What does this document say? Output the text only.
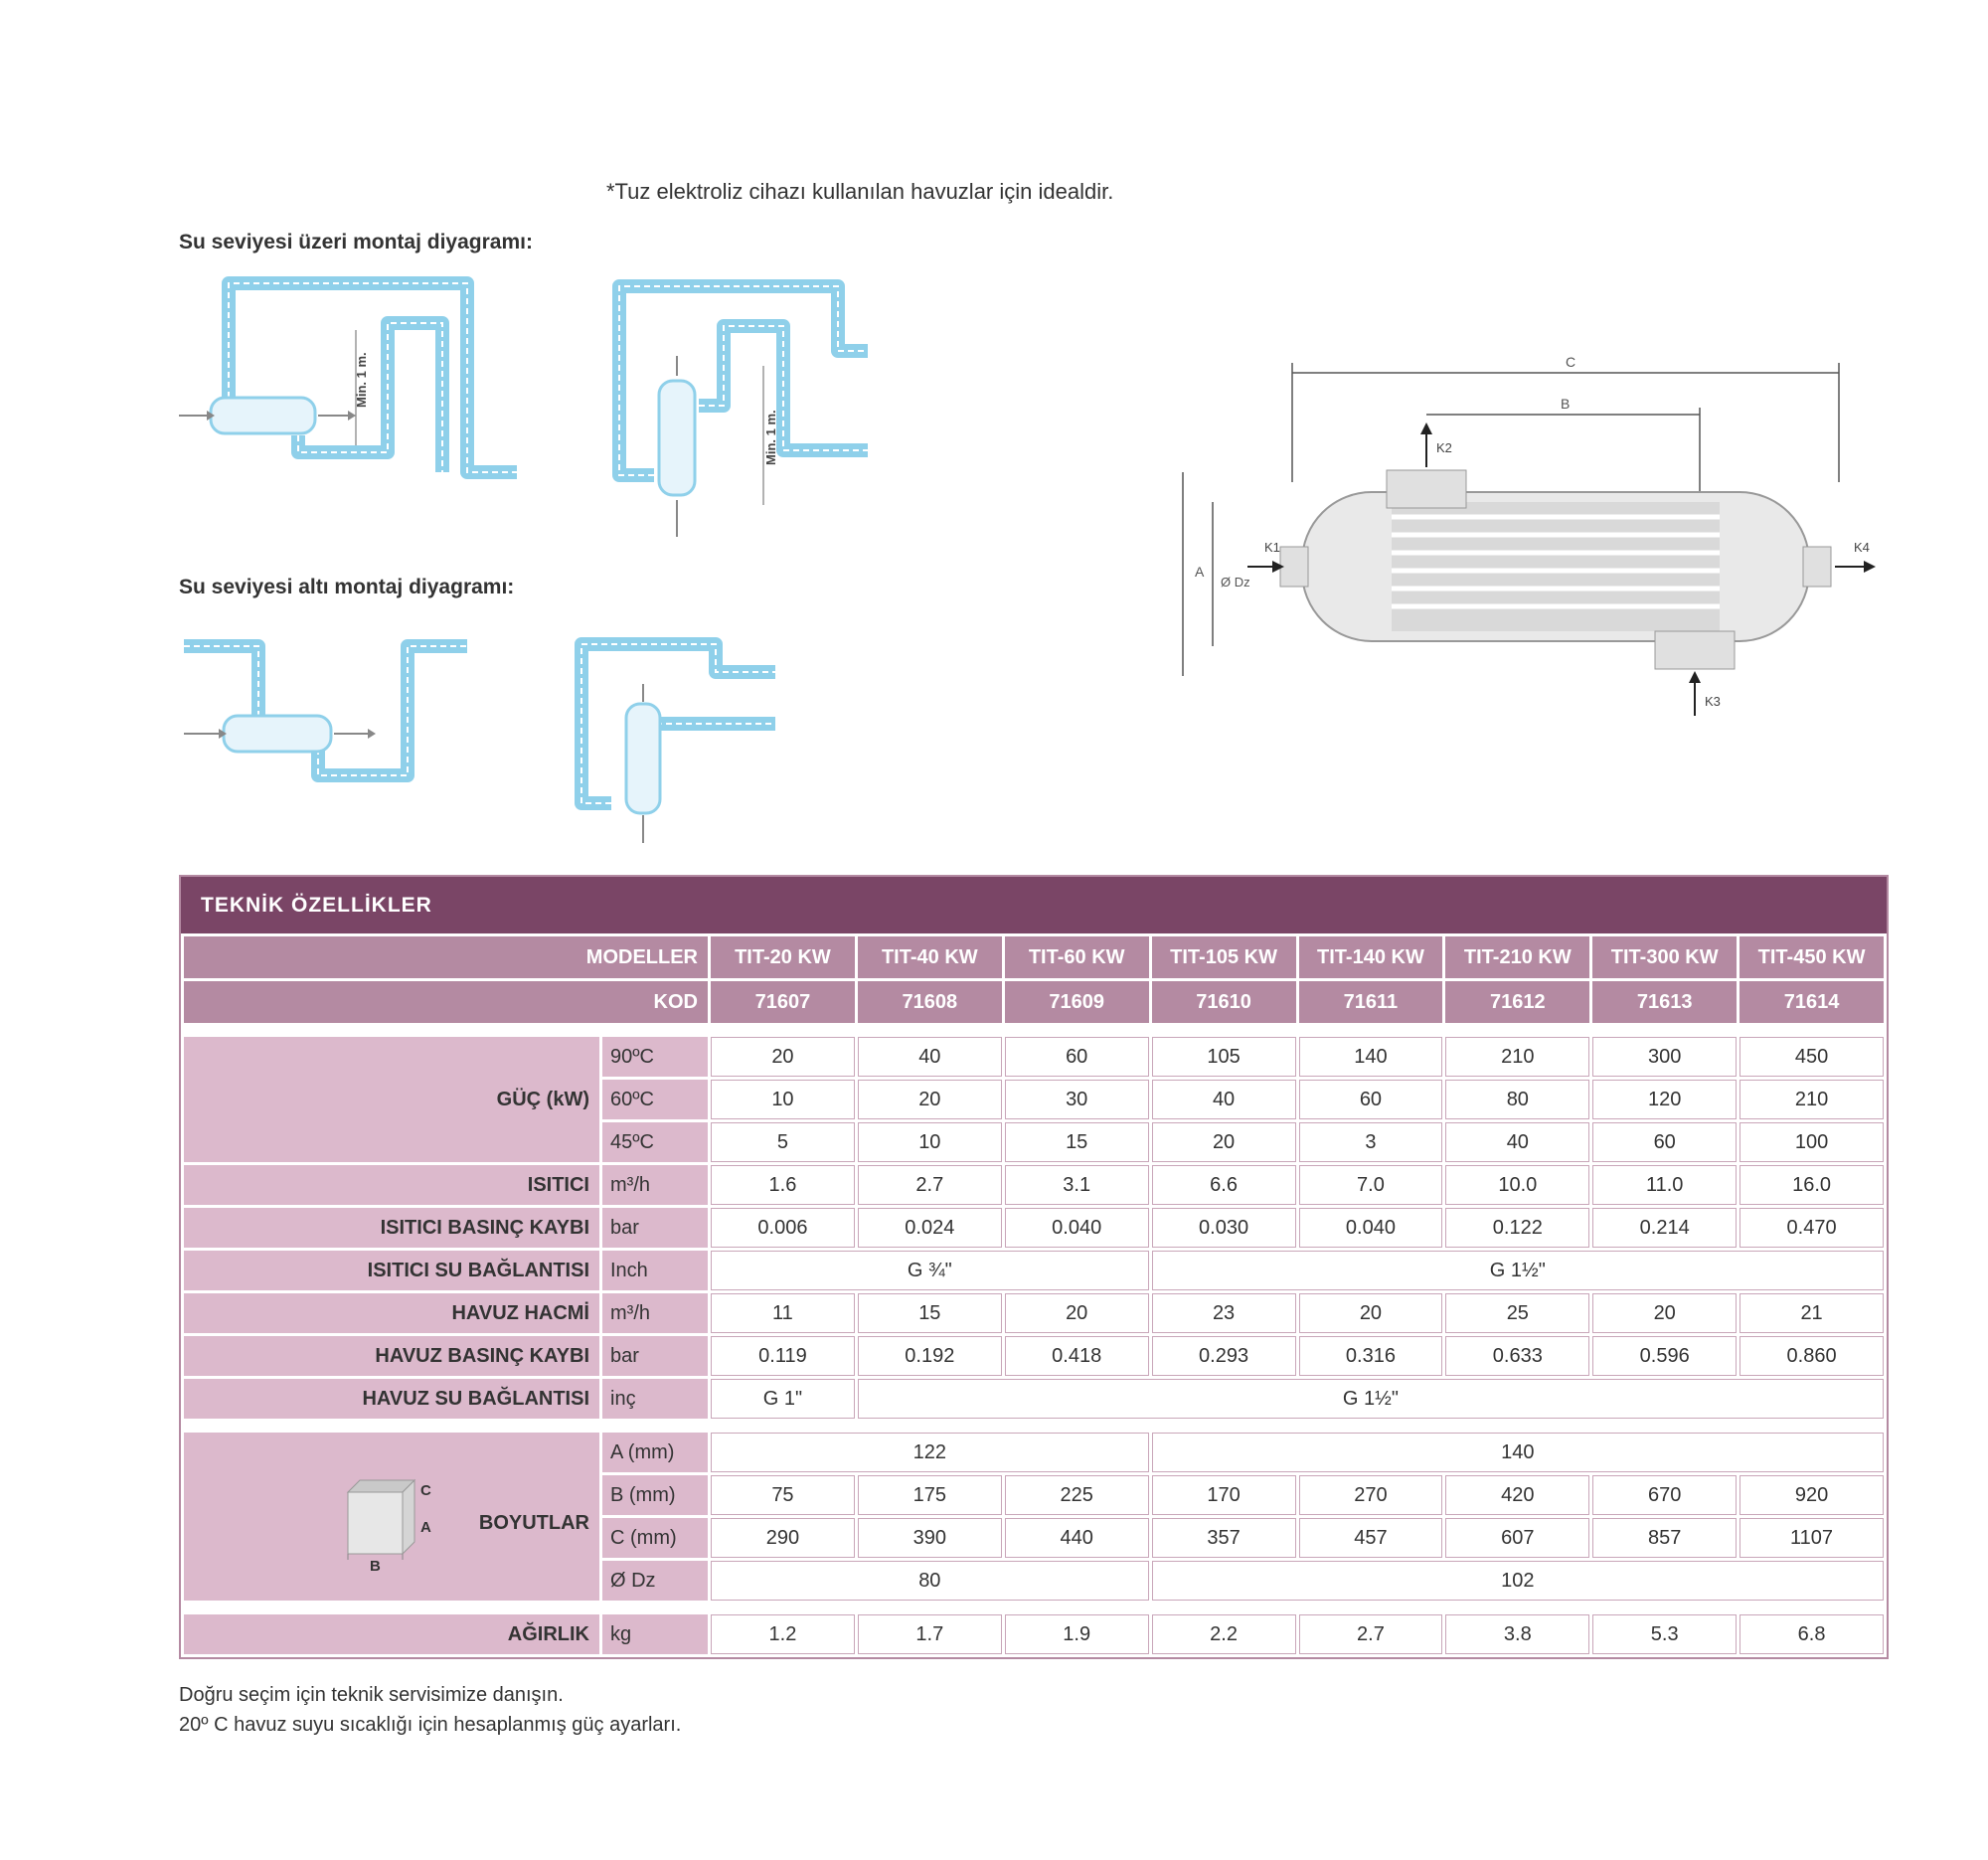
*Tuz elektroliz cihazı kullanılan havuzlar için idealdir.
Su seviyesi üzeri montaj diyagramı:
Su seviyesi altı montaj diyagramı:
Min. 1 m.
Min. 1 m.
C
B
A
Ø Dz
K2
K1	K4
K3
TEKNİK ÖZELLİKLER
MODELLER		TIT-20 KW	TIT-40 KW	TIT-60 KW	TIT-105 KW	TIT-140 KW	TIT-210 KW	TIT-300 KW	TIT-450 KW
KOD		71607	71608	71609	71610	71611	71612	71613	71614

GÜÇ (kW)	90ºC	20	40	60	105	140	210	300	450
	60ºC	10	20	30	40	60	80	120	210
	45ºC	5	10	15	20	3	40	60	100
ISITICI	m³/h	1.6	2.7	3.1	6.6	7.0	10.0	11.0	16.0
ISITICI BASINÇ KAYBI	bar	0.006	0.024	0.040	0.030	0.040	0.122	0.214	0.470
ISITICI SU BAĞLANTISI	Inch	G ¾"			G 1½"				
HAVUZ HACMİ	m³/h	11	15	20	23	20	25	20	21
HAVUZ BASINÇ KAYBI	bar	0.119	0.192	0.418	0.293	0.316	0.633	0.596	0.860
HAVUZ SU BAĞLANTISI	inç	G 1"	G 1½"						

C
A
B
BOYUTLAR	A (mm)	122			140				
	B (mm)	75	175	225	170	270	420	670	920
	C (mm)	290	390	440	357	457	607	857	1107
	Ø Dz	80			102				

AĞIRLIK	kg	1.2	1.7	1.9	2.2	2.7	3.8	5.3	6.8
Doğru seçim için teknik servisimize danışın.
20º C havuz suyu sıcaklığı için hesaplanmış güç ayarları.
